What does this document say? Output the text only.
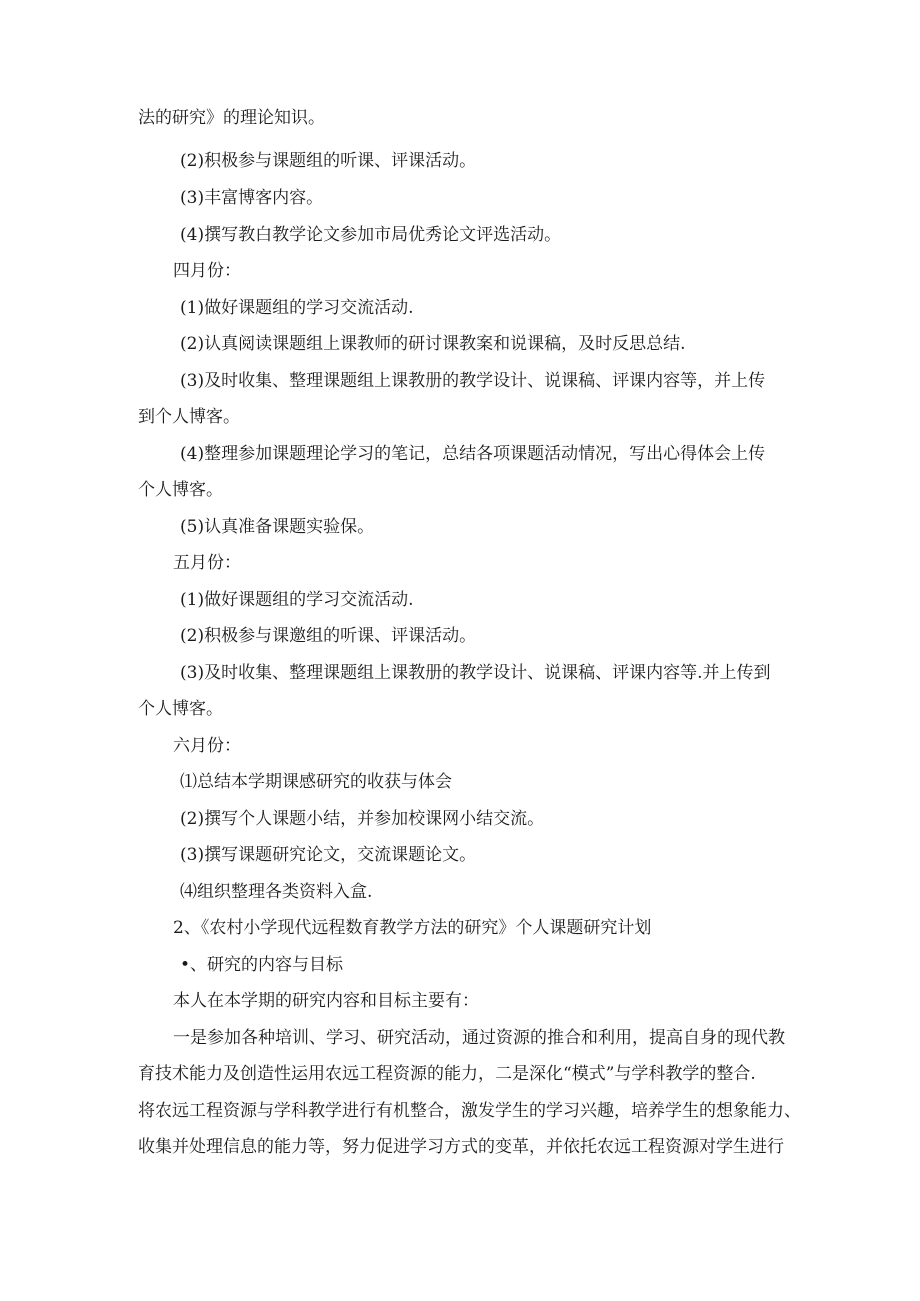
法的研究》的理论知识。
(2)积极参与课题组的听课、评课活动。
(3)丰富博客内容。
(4)撰写教白教学论文参加市局优秀论文评选活动。
四月份：
(1)做好课题组的学习交流活动.
(2)认真阅读课题组上课教师的研讨课教案和说课稿，及时反思总结.
(3)及时收集、整理课题组上课教册的教学设计、说课稿、评课内容等，并上传
到个人博客。
(4)整理参加课题理论学习的笔记，总结各项课题活动情况，写出心得体会上传
个人博客。
(5)认真准备课题实验保。
五月份：
(1)做好课题组的学习交流活动.
(2)积极参与课邀组的听课、评课活动。
(3)及时收集、整理课题组上课教册的教学设计、说课稿、评课内容等.并上传到
个人博客。
六月份：
⑴总结本学期课感研究的收获与体会
(2)撰写个人课题小结，并参加校课网小结交流。
(3)撰写课题研究论文，交流课题论文。
⑷组织整理各类资料入盒.
2、《农村小学现代远程数育教学方法的研究》个人课题研究计划
•、研究的内容与目标
本人在本学期的研究内容和目标主要有：
一是参加各种培训、学习、研究活动，通过资源的推合和利用，提高自身的现代教
育技术能力及创造性运用农远工程资源的能力，二是深化“模式”与学科教学的整合.
将农远工程资源与学科教学进行有机整合，激发学生的学习兴趣，培养学生的想象能力、
收集并处理信息的能力等，努力促进学习方式的变革，并依托农远工程资源对学生进行
